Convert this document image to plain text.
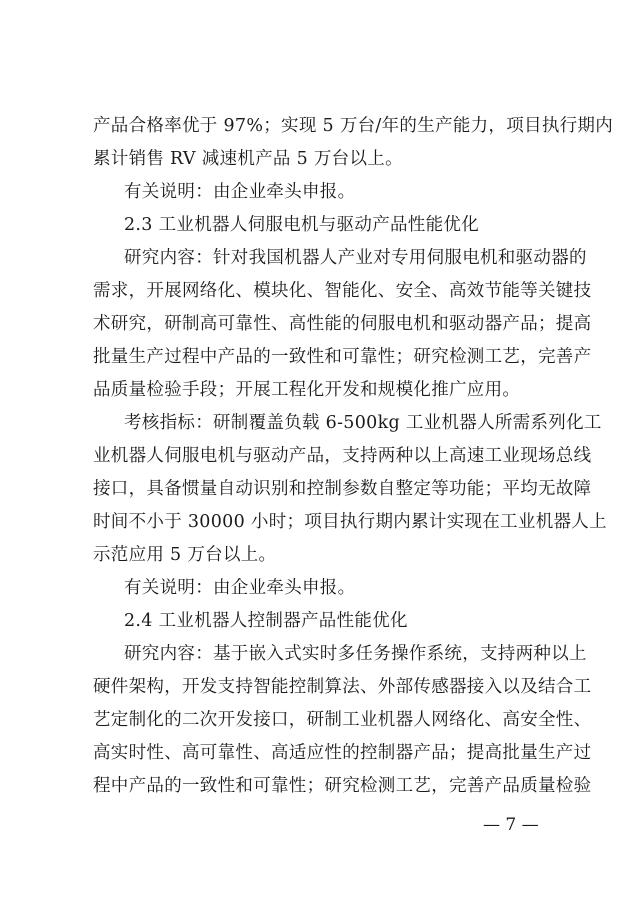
产品合格率优于 97%；实现 5 万台/年的生产能力，项目执行期内
累计销售 RV 减速机产品 5 万台以上。
有关说明：由企业牵头申报。
2.3 工业机器人伺服电机与驱动产品性能优化
研究内容：针对我国机器人产业对专用伺服电机和驱动器的
需求，开展网络化、模块化、智能化、安全、高效节能等关键技
术研究，研制高可靠性、高性能的伺服电机和驱动器产品；提高
批量生产过程中产品的一致性和可靠性；研究检测工艺，完善产
品质量检验手段；开展工程化开发和规模化推广应用。
考核指标：研制覆盖负载 6-500kg 工业机器人所需系列化工
业机器人伺服电机与驱动产品，支持两种以上高速工业现场总线
接口，具备惯量自动识别和控制参数自整定等功能；平均无故障
时间不小于 30000 小时；项目执行期内累计实现在工业机器人上
示范应用 5 万台以上。
有关说明：由企业牵头申报。
2.4 工业机器人控制器产品性能优化
研究内容：基于嵌入式实时多任务操作系统，支持两种以上
硬件架构，开发支持智能控制算法、外部传感器接入以及结合工
艺定制化的二次开发接口，研制工业机器人网络化、高安全性、
高实时性、高可靠性、高适应性的控制器产品；提高批量生产过
程中产品的一致性和可靠性；研究检测工艺，完善产品质量检验
— 7 —
